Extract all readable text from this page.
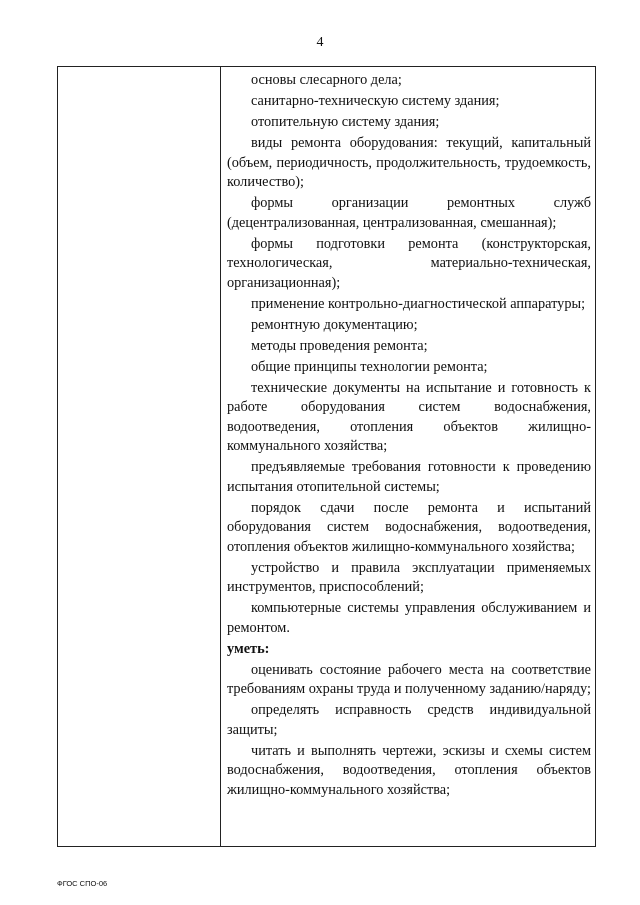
4

основы слесарного дела;

санитарно-техническую систему здания;

отопительную систему здания;

виды ремонта оборудования: текущий, капитальный (объем, периодичность, продолжительность, трудоемкость, количество);

формы организации ремонтных служб (децентрализованная, централизованная, смешанная);

формы подготовки ремонта (конструкторская, технологическая, материально-техническая, организационная);

применение контрольно-диагностической аппаратуры;

ремонтную документацию;

методы проведения ремонта;

общие принципы технологии ремонта;

технические документы на испытание и готовность к работе оборудования систем водоснабжения, водоотведения, отопления объектов жилищно-коммунального хозяйства;

предъявляемые требования готовности к проведению испытания отопительной системы;

порядок сдачи после ремонта и испытаний оборудования систем водоснабжения, водоотведения, отопления объектов жилищно-коммунального хозяйства;

устройство и правила эксплуатации применяемых инструментов, приспособлений;

компьютерные системы управления обслуживанием и ремонтом.

уметь:

оценивать состояние рабочего места на соответствие требованиям охраны труда и полученному заданию/наряду;

определять исправность средств индивидуальной защиты;

читать и выполнять чертежи, эскизы и схемы систем водоснабжения, водоотведения, отопления объектов жилищно-коммунального хозяйства;

ФГОС СПО-06
